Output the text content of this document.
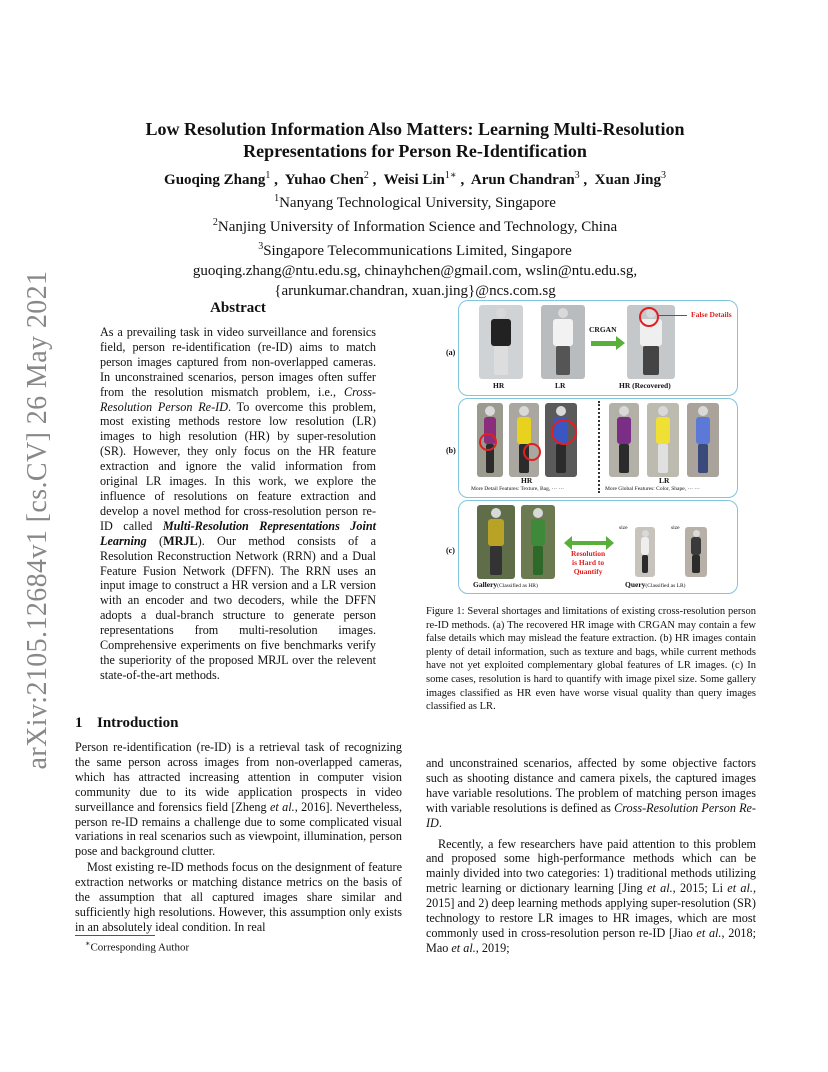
arXiv:2105.12684v1 [cs.CV] 26 May 2021
Low Resolution Information Also Matters: Learning Multi-Resolution Representations for Person Re-Identification
Guoqing Zhang$^1$ ,  Yuhao Chen$^2$ ,  Weisi Lin$^{1∗}$ ,  Arun Chandran$^3$ ,  Xuan Jing$^3$
$^1$Nanyang Technological University, Singapore
$^2$Nanjing University of Information Science and Technology, China
$^3$Singapore Telecommunications Limited, Singapore
guoqing.zhang@ntu.edu.sg, chinayhchen@gmail.com, wslin@ntu.edu.sg,
{arunkumar.chandran, xuan.jing}@ncs.com.sg
Abstract
As a prevailing task in video surveillance and forensics field, person re-identification (re-ID) aims to match person images captured from non-overlapped cameras. In unconstrained scenarios, person images often suffer from the resolution mismatch problem, i.e., Cross-Resolution Person Re-ID. To overcome this problem, most existing methods restore low resolution (LR) images to high resolution (HR) by super-resolution (SR). However, they only focus on the HR feature extraction and ignore the valid information from original LR images. In this work, we explore the influence of resolutions on feature extraction and develop a novel method for cross-resolution person re-ID called Multi-Resolution Representations Joint Learning (MRJL). Our method consists of a Resolution Reconstruction Network (RRN) and a Dual Feature Fusion Network (DFFN). The RRN uses an input image to construct a HR version and a LR version with an encoder and two decoders, while the DFFN adopts a dual-branch structure to generate person representations from multi-resolution images. Comprehensive experiments on five benchmarks verify the superiority of the proposed MRJL over the relevent state-of-the-art methods.
1 Introduction

Person re-identification (re-ID) is a retrieval task of recognizing the same person across images from non-overlapped cameras, which has attracted increasing attention in computer vision community due to its wide application prospects in video surveillance and forensics field [Zheng et al., 2016]. Nevertheless, person re-ID remains a challenge due to some complicated visual variations in real scenarios such as viewpoint, illumination, person pose and background clutter.

Most existing re-ID methods focus on the designment of feature extraction networks or matching distance metrics on the basis of the assumption that all captured images share similar and sufficiently high resolutions. However, this assumption only exists in an absolutely ideal condition. In real

∗Corresponding Author
(a)
CRGAN
False Details
HR	LR	HR (Recovered)
(b)
HR	LR
More Detail Features: Texture, Bag, ··· ···	More Global Features: Color, Shape, ··· ···
(c)	Resolution
is Hard to
Quantify
size	size
Gallery(Classified as HR)	Query(Classified as LR)
Figure 1: Several shortages and limitations of existing cross-resolution person re-ID methods. (a) The recovered HR image with CRGAN may contain a few false details which may mislead the feature extraction. (b) HR images contain plenty of detail information, such as texture and bags, while current methods have not yet exploited complementary global features of LR images. (c) In some cases, resolution is hard to quantify with image pixel size. Some gallery images classified as HR even have worse visual quality than query images classified as LR.

and unconstrained scenarios, affected by some objective factors such as shooting distance and camera pixels, the captured images have variable resolutions. The problem of matching person images with variable resolutions is defined as Cross-Resolution Person Re-ID.

Recently, a few researchers have paid attention to this problem and proposed some high-performance methods which can be mainly divided into two categories: 1) traditional methods utilizing metric learning or dictionary learning [Jing et al., 2015; Li et al., 2015] and 2) deep learning methods applying super-resolution (SR) technology to restore LR images to HR images, which are most commonly used in cross-resolution person re-ID [Jiao et al., 2018; Mao et al., 2019;
